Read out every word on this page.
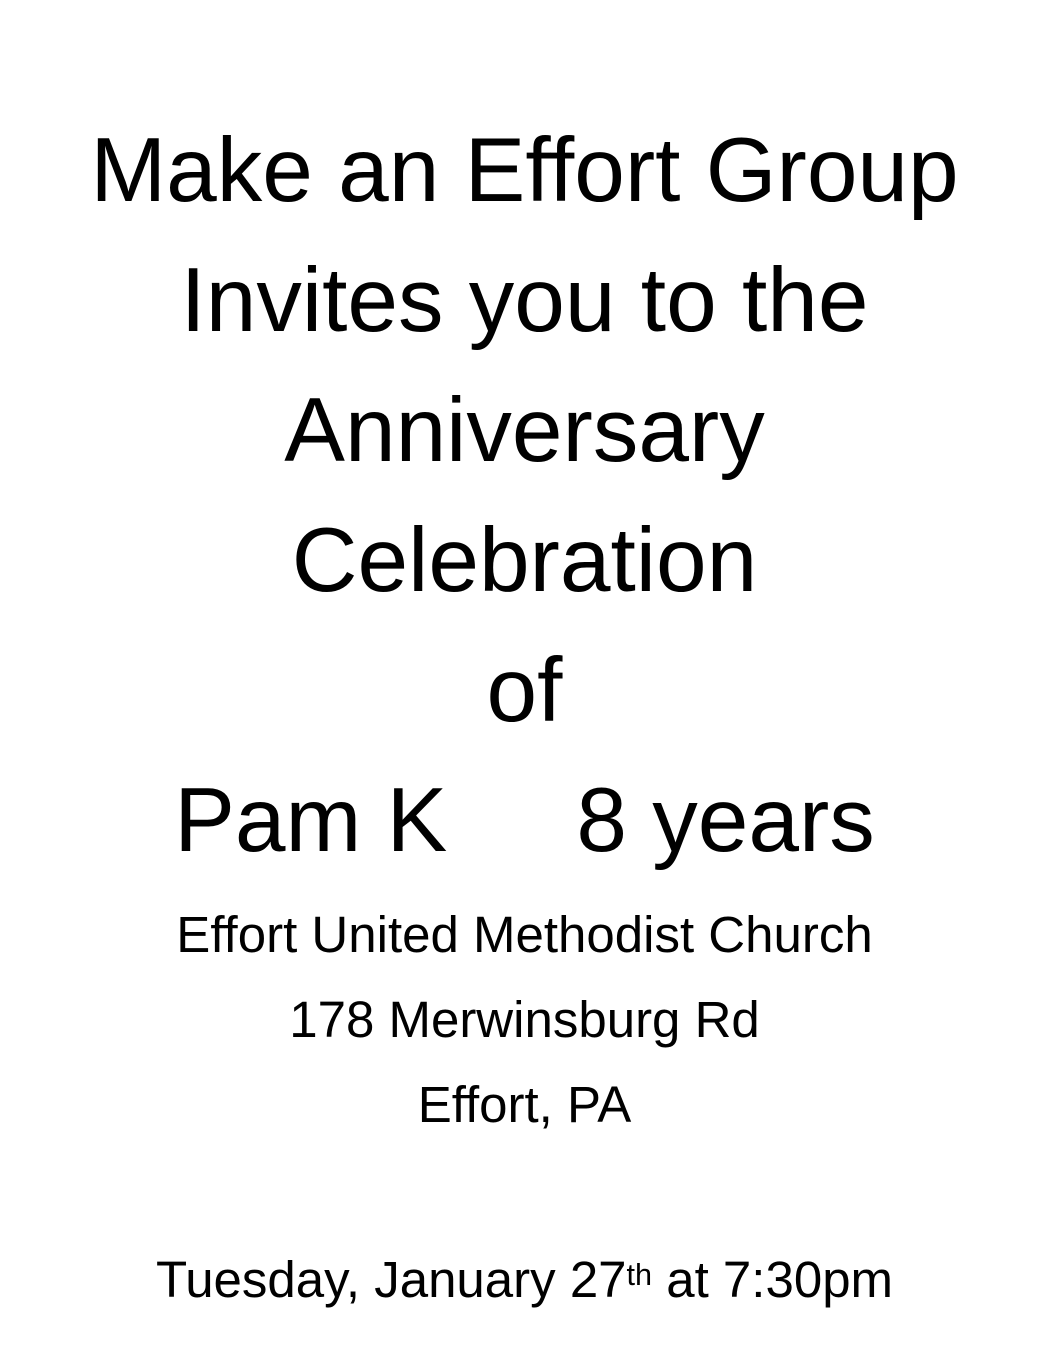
Make an Effort Group
Invites you to the
Anniversary
Celebration
of
Pam K 8 years
Effort United Methodist Church
178 Merwinsburg Rd
Effort, PA
Tuesday, January 27th at 7:30pm
